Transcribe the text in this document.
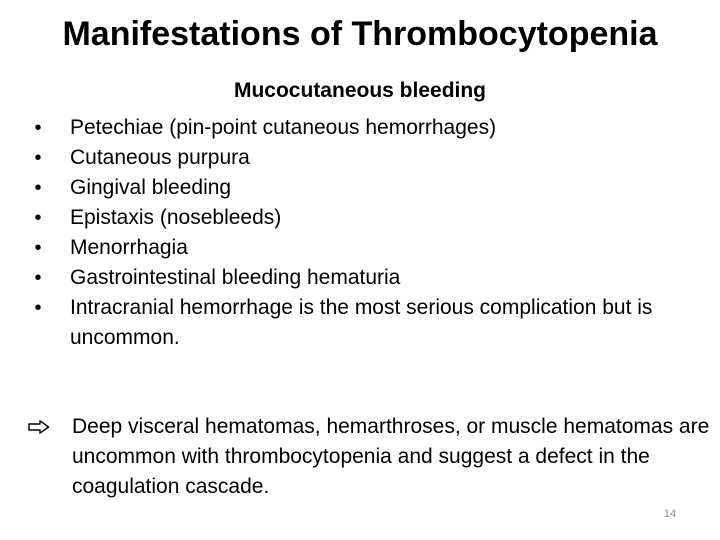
Manifestations of Thrombocytopenia
Mucocutaneous bleeding
•	Petechiae (pin-point cutaneous hemorrhages)
•	Cutaneous purpura
•	Gingival bleeding
•	Epistaxis (nosebleeds)
•	Menorrhagia
•	Gastrointestinal bleeding hematuria
•	Intracranial hemorrhage is the most serious complication but is uncommon.
Deep visceral hematomas, hemarthroses, or muscle hematomas are uncommon with thrombocytopenia and suggest a defect in the coagulation cascade.
14
